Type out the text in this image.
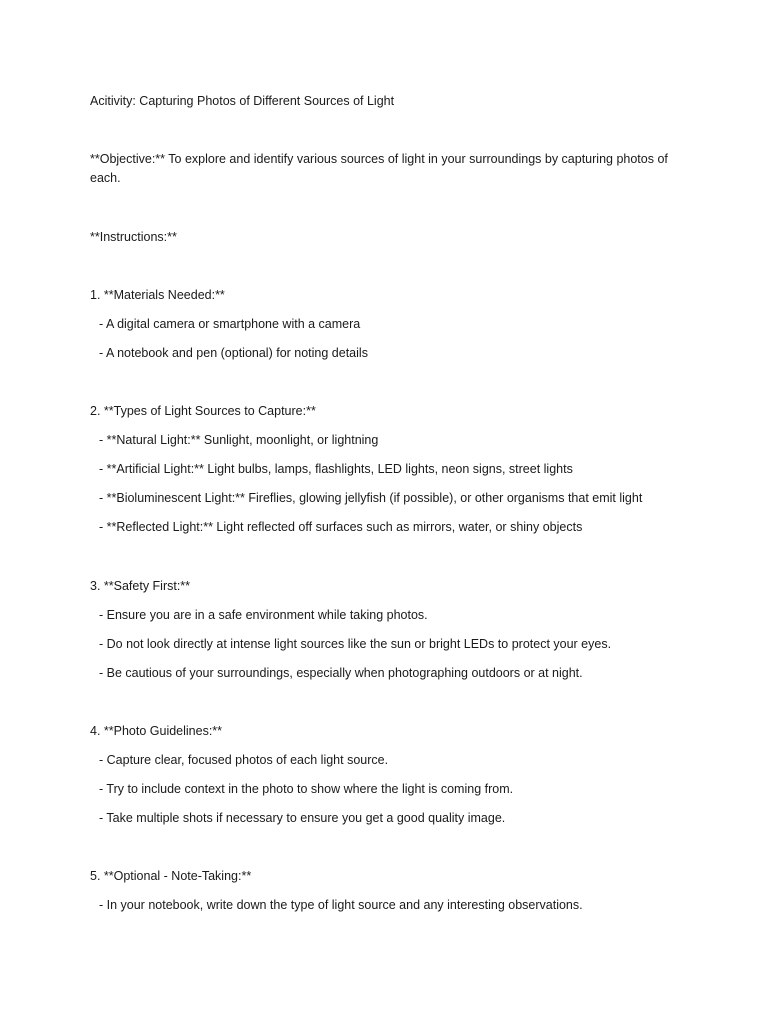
Acitivity: Capturing Photos of Different Sources of Light
**Objective:** To explore and identify various sources of light in your surroundings by capturing photos of each.
**Instructions:**
1. **Materials Needed:**
- A digital camera or smartphone with a camera
- A notebook and pen (optional) for noting details
2. **Types of Light Sources to Capture:**
- **Natural Light:** Sunlight, moonlight, or lightning
- **Artificial Light:** Light bulbs, lamps, flashlights, LED lights, neon signs, street lights
- **Bioluminescent Light:** Fireflies, glowing jellyfish (if possible), or other organisms that emit light
- **Reflected Light:** Light reflected off surfaces such as mirrors, water, or shiny objects
3. **Safety First:**
- Ensure you are in a safe environment while taking photos.
- Do not look directly at intense light sources like the sun or bright LEDs to protect your eyes.
- Be cautious of your surroundings, especially when photographing outdoors or at night.
4. **Photo Guidelines:**
- Capture clear, focused photos of each light source.
- Try to include context in the photo to show where the light is coming from.
- Take multiple shots if necessary to ensure you get a good quality image.
5. **Optional - Note-Taking:**
- In your notebook, write down the type of light source and any interesting observations.
